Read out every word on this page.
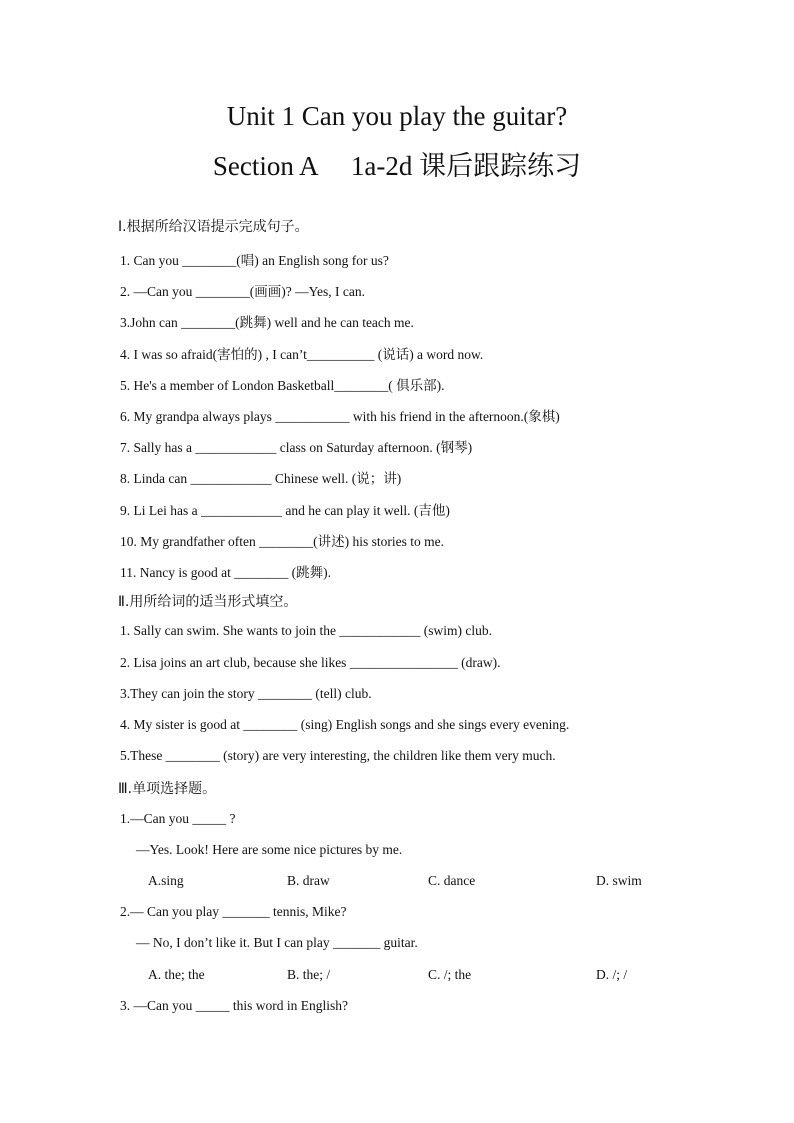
Unit 1 Can you play the guitar?
Section A　 1a-2d 课后跟踪练习
Ⅰ.根据所给汉语提示完成句子。
1. Can you ________(唱) an English song for us?
2. —Can you ________(画画)? —Yes, I can.
3.John can ________(跳舞) well and he can teach me.
4. I was so afraid(害怕的) , I can’t__________ (说话) a word now.
5. He's a member of London Basketball________( 俱乐部).
6. My grandpa always plays ___________ with his friend in the afternoon.(象棋)
7. Sally has a ____________ class on Saturday afternoon. (钢琴)
8. Linda can ____________ Chinese well. (说；讲)
9. Li Lei has a ____________ and he can play it well. (吉他)
10. My grandfather often ________(讲述) his stories to me.
11. Nancy is good at ________ (跳舞).
Ⅱ.用所给词的适当形式填空。
1. Sally can swim. She wants to join the ____________ (swim) club.
2. Lisa joins an art club, because she likes ________________ (draw).
3.They can join the story ________ (tell) club.
4. My sister is good at ________ (sing) English songs and she sings every evening.
5.These ________ (story) are very interesting, the children like them very much.
Ⅲ.单项选择题。
1.—Can you _____ ?
—Yes. Look! Here are some nice pictures by me.
A.sing	B. draw	C. dance	D. swim
2.— Can you play _______ tennis, Mike?
— No, I don’t like it. But I can play _______ guitar.
A. the; the	B. the; /	C. /; the	D. /; /
3. —Can you _____ this word in English?
